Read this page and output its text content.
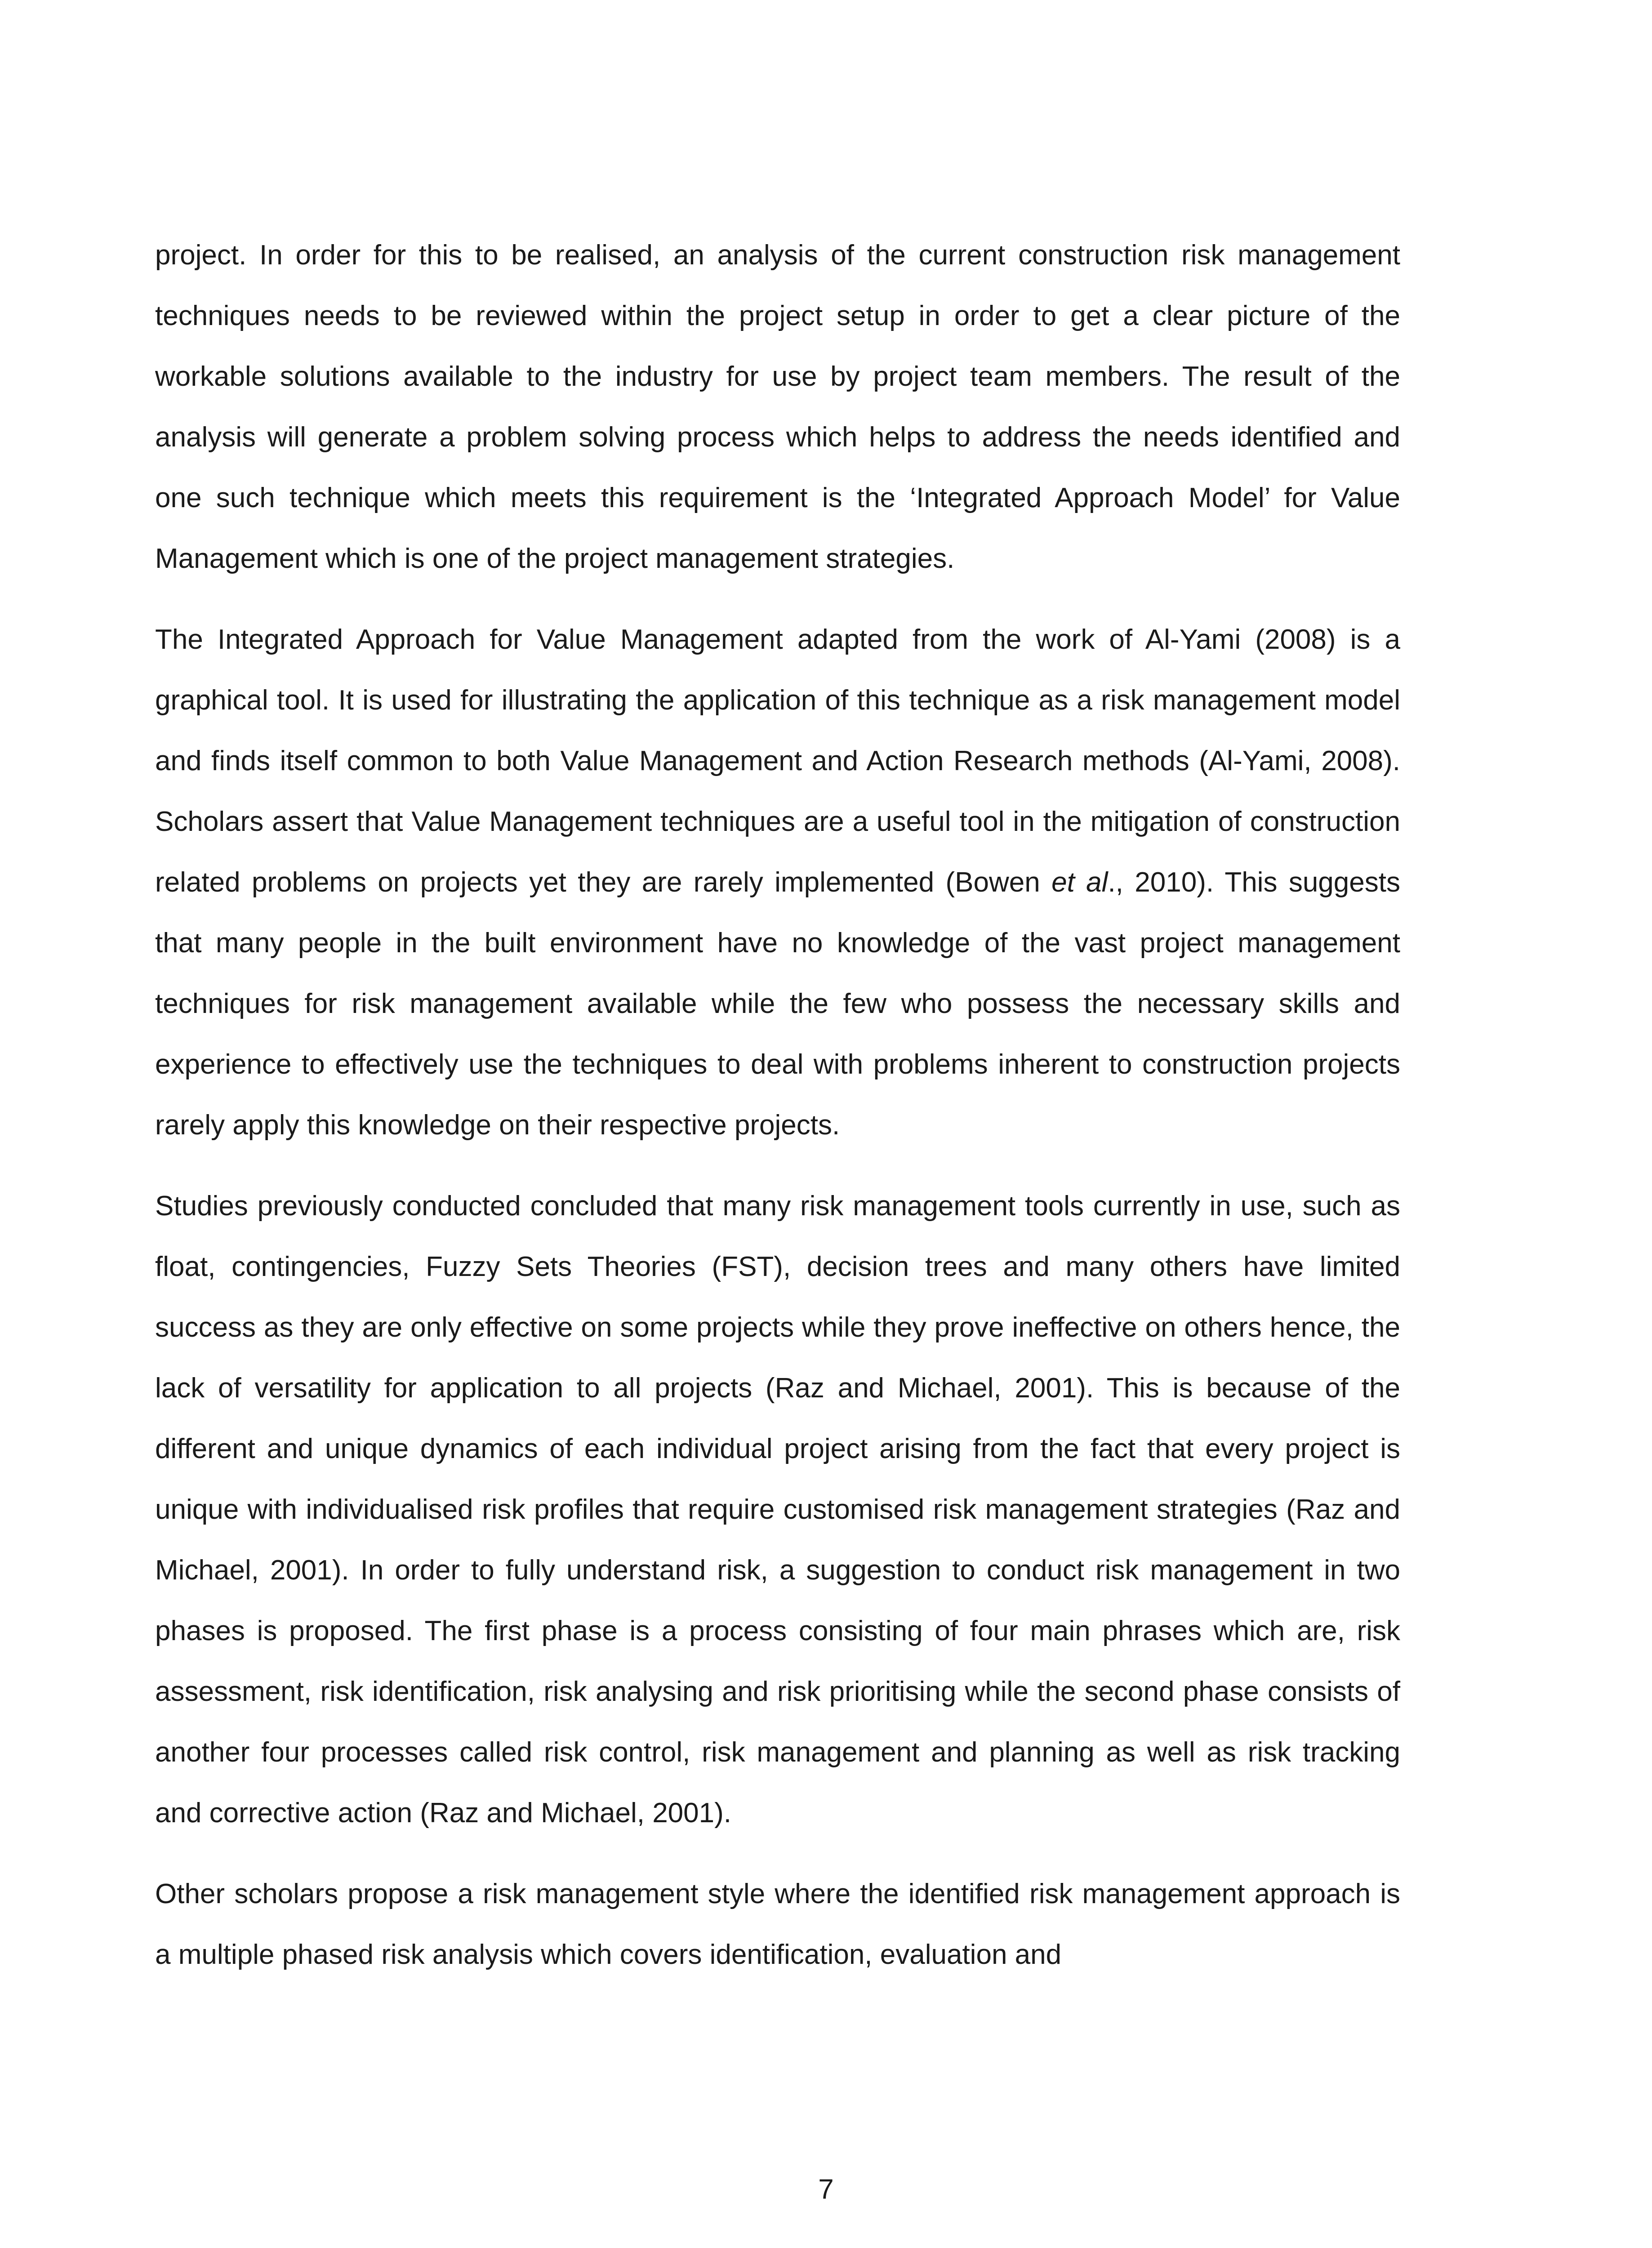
project. In order for this to be realised, an analysis of the current construction risk management techniques needs to be reviewed within the project setup in order to get a clear picture of the workable solutions available to the industry for use by project team members. The result of the analysis will generate a problem solving process which helps to address the needs identified and one such technique which meets this requirement is the ‘Integrated Approach Model’ for Value Management which is one of the project management strategies.

The Integrated Approach for Value Management adapted from the work of Al-Yami (2008) is a graphical tool. It is used for illustrating the application of this technique as a risk management model and finds itself common to both Value Management and Action Research methods (Al-Yami, 2008). Scholars assert that Value Management techniques are a useful tool in the mitigation of construction related problems on projects yet they are rarely implemented (Bowen et al., 2010). This suggests that many people in the built environment have no knowledge of the vast project management techniques for risk management available while the few who possess the necessary skills and experience to effectively use the techniques to deal with problems inherent to construction projects rarely apply this knowledge on their respective projects.

Studies previously conducted concluded that many risk management tools currently in use, such as float, contingencies, Fuzzy Sets Theories (FST), decision trees and many others have limited success as they are only effective on some projects while they prove ineffective on others hence, the lack of versatility for application to all projects (Raz and Michael, 2001). This is because of the different and unique dynamics of each individual project arising from the fact that every project is unique with individualised risk profiles that require customised risk management strategies (Raz and Michael, 2001). In order to fully understand risk, a suggestion to conduct risk management in two phases is proposed. The first phase is a process consisting of four main phrases which are, risk assessment, risk identification, risk analysing and risk prioritising while the second phase consists of another four processes called risk control, risk management and planning as well as risk tracking and corrective action (Raz and Michael, 2001).

Other scholars propose a risk management style where the identified risk management approach is a multiple phased risk analysis which covers identification, evaluation and

7
